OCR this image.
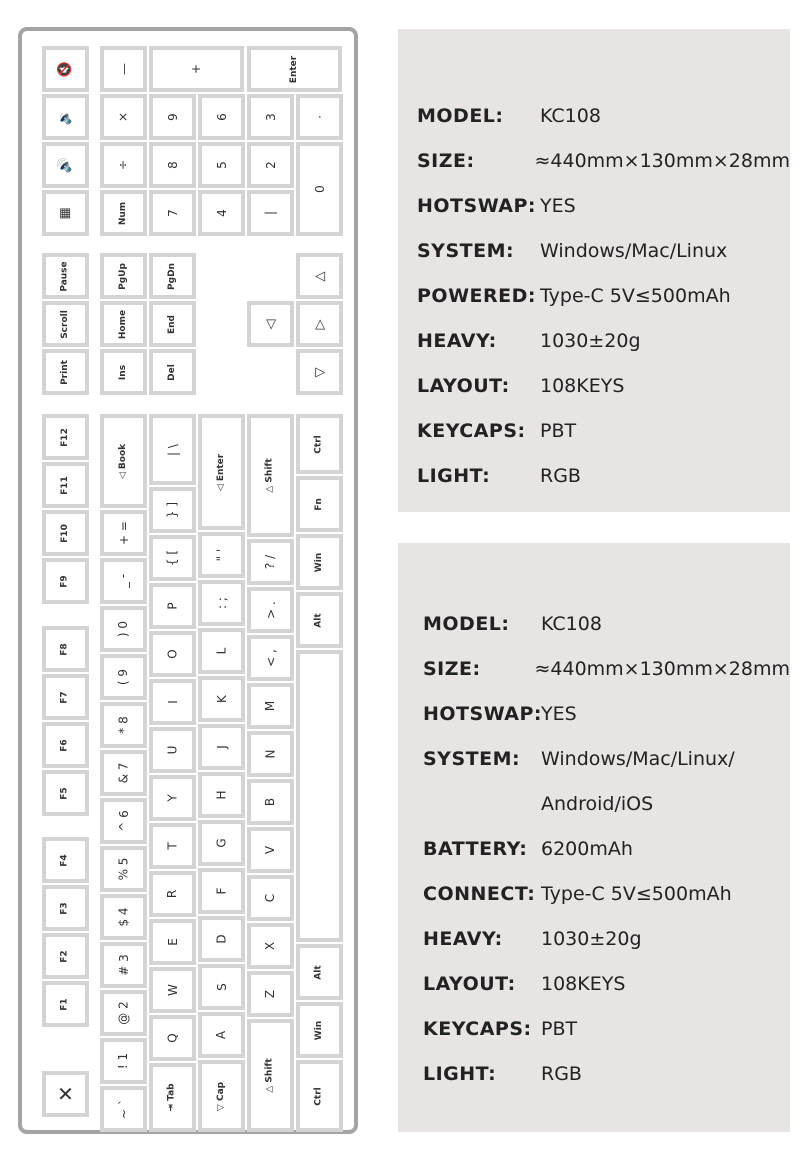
🔇
🔉
🔊
▦
Pause
Scroll
Print
F12
F11
F10
F9
F8
F7
F6
F5
F4
F3
F2
F1
✕
—
×
÷
Num
PgUp
Home
Ins
◁ Book
+ =
_ -
) 0
( 9
* 8
& 7
^ 6
% 5
$ 4
# 3
@ 2
! 1
~ `
+
9
8
7
PgDn
End
Del
| \
} ]
{ [
P
O
I
U
Y
T
R
E
W
Q
⇥ Tab
6
5
4
◁ Enter
" '
: ;
L
K
J
H
G
F
D
S
A
▽ Cap
Enter
3
2
|
◁
△ Shift
? /
> .
< ,
M
N
B
V
C
X
Z
△ Shift
·
0
△
▷
▽
Ctrl
Fn
Win
Alt
Alt
Win
Ctrl
MODEL:	KC108
SIZE:	≈440mm×130mm×28mm
HOTSWAP: YES
SYSTEM:	Windows/Mac/Linux
POWERED: Type-C 5V≤500mAh
HEAVY:	1030±20g
LAYOUT:	108KEYS
KEYCAPS: PBT
LIGHT:	RGB
MODEL:	KC108
SIZE:	≈440mm×130mm×28mm
HOTSWAP:
YES
SYSTEM:	Windows/Mac/Linux/
Android/iOS
BATTERY: 6200mAh
CONNECT: Type-C 5V≤500mAh
HEAVY:	1030±20g
LAYOUT:	108KEYS
KEYCAPS: PBT
LIGHT:	RGB
